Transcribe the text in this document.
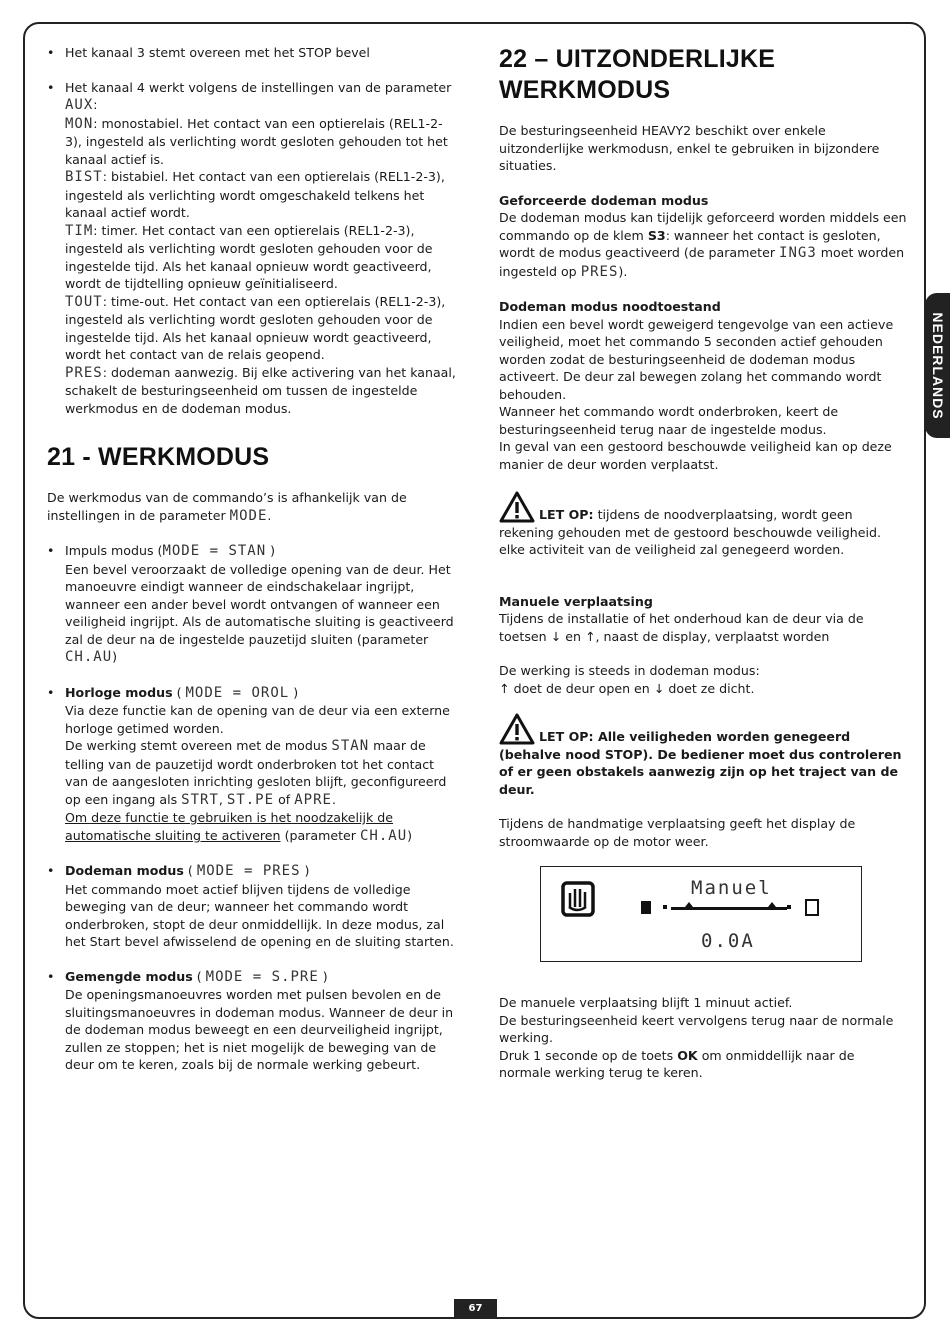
• Het kanaal 3 stemt overeen met het STOP bevel

• Het kanaal 4 werkt volgens de instellingen van de parameter AUX:

MON: monostabiel. Het contact van een optierelais (REL1-2-3), ingesteld als verlichting wordt gesloten gehouden tot het kanaal actief is.

BIST: bistabiel. Het contact van een optierelais (REL1-2-3), ingesteld als verlichting wordt omgeschakeld telkens het kanaal actief wordt.

TIM: timer. Het contact van een optierelais (REL1-2-3), ingesteld als verlichting wordt gesloten gehouden voor de ingestelde tijd. Als het kanaal opnieuw wordt geactiveerd, wordt de tijdtelling opnieuw geïnitialiseerd.

TOUT: time-out. Het contact van een optierelais (REL1-2-3), ingesteld als verlichting wordt gesloten gehouden voor de ingestelde tijd. Als het kanaal opnieuw wordt geactiveerd, wordt het contact van de relais geopend.

PRES: dodeman aanwezig. Bij elke activering van het kanaal, schakelt de besturingseenheid om tussen de ingestelde werkmodus en de dodeman modus.

21 - WERKMODUS

De werkmodus van de commando’s is afhankelijk van de instellingen in de parameter MODE.

• Impuls modus (MODE = STAN )

Een bevel veroorzaakt de volledige opening van de deur. Het manoeuvre eindigt wanneer de eindschakelaar ingrijpt, wanneer een ander bevel wordt ontvangen of wanneer een veiligheid ingrijpt. Als de automatische sluiting is geactiveerd zal de deur na de ingestelde pauzetijd sluiten (parameter CH.AU)

• Horloge modus ( MODE = OROL )

Via deze functie kan de opening van de deur via een externe horloge getimed worden.

De werking stemt overeen met de modus STAN maar de telling van de pauzetijd wordt onderbroken tot het contact van de aangesloten inrichting gesloten blijft, geconfigureerd op een ingang als STRT, ST.PE of APRE.

Om deze functie te gebruiken is het noodzakelijk de automatische sluiting te activeren (parameter CH.AU)

• Dodeman modus ( MODE = PRES )

Het commando moet actief blijven tijdens de volledige beweging van de deur; wanneer het commando wordt onderbroken, stopt de deur onmiddellijk. In deze modus, zal het Start bevel afwisselend de opening en de sluiting starten.

• Gemengde modus ( MODE = S.PRE )

De openingsmanoeuvres worden met pulsen bevolen en de sluitingsmanoeuvres in dodeman modus. Wanneer de deur in de dodeman modus beweegt en een deurveiligheid ingrijpt, zullen ze stoppen; het is niet mogelijk de beweging van de deur om te keren, zoals bij de normale werking gebeurt.

22 – UITZONDERLIJKE WERKMODUS

De besturingseenheid HEAVY2 beschikt over enkele uitzonderlijke werkmodusn, enkel te gebruiken in bijzondere situaties.

Geforceerde dodeman modus

De dodeman modus kan tijdelijk geforceerd worden middels een commando op de klem S3: wanneer het contact is gesloten, wordt de modus geactiveerd (de parameter ING3 moet worden ingesteld op PRES).

Dodeman modus noodtoestand

Indien een bevel wordt geweigerd tengevolge van een actieve veiligheid, moet het commando 5 seconden actief gehouden worden zodat de besturingseenheid de dodeman modus activeert. De deur zal bewegen zolang het commando wordt behouden.

Wanneer het commando wordt onderbroken, keert de besturingseenheid terug naar de ingestelde modus.

In geval van een gestoord beschouwde veiligheid kan op deze manier de deur worden verplaatst.

LET OP: tijdens de noodverplaatsing, wordt geen rekening gehouden met de gestoord beschouwde veiligheid. elke activiteit van de veiligheid zal genegeerd worden.

Manuele verplaatsing

Tijdens de installatie of het onderhoud kan de deur via de toetsen ↓ en ↑, naast de display, verplaatst worden

De werking is steeds in dodeman modus:

↑ doet de deur open en ↓ doet ze dicht.

LET OP: Alle veiligheden worden genegeerd (behalve nood STOP). De bediener moet dus controleren of er geen obstakels aanwezig zijn op het traject van de deur.

Tijdens de handmatige verplaatsing geeft het display de stroomwaarde op de motor weer.

De manuele verplaatsing blijft 1 minuut actief.

De besturingseenheid keert vervolgens terug naar de normale werking.

Druk 1 seconde op de toets OK om onmiddellijk naar de normale werking terug te keren.

Manuel
0.0A
NEDERLANDS
67
